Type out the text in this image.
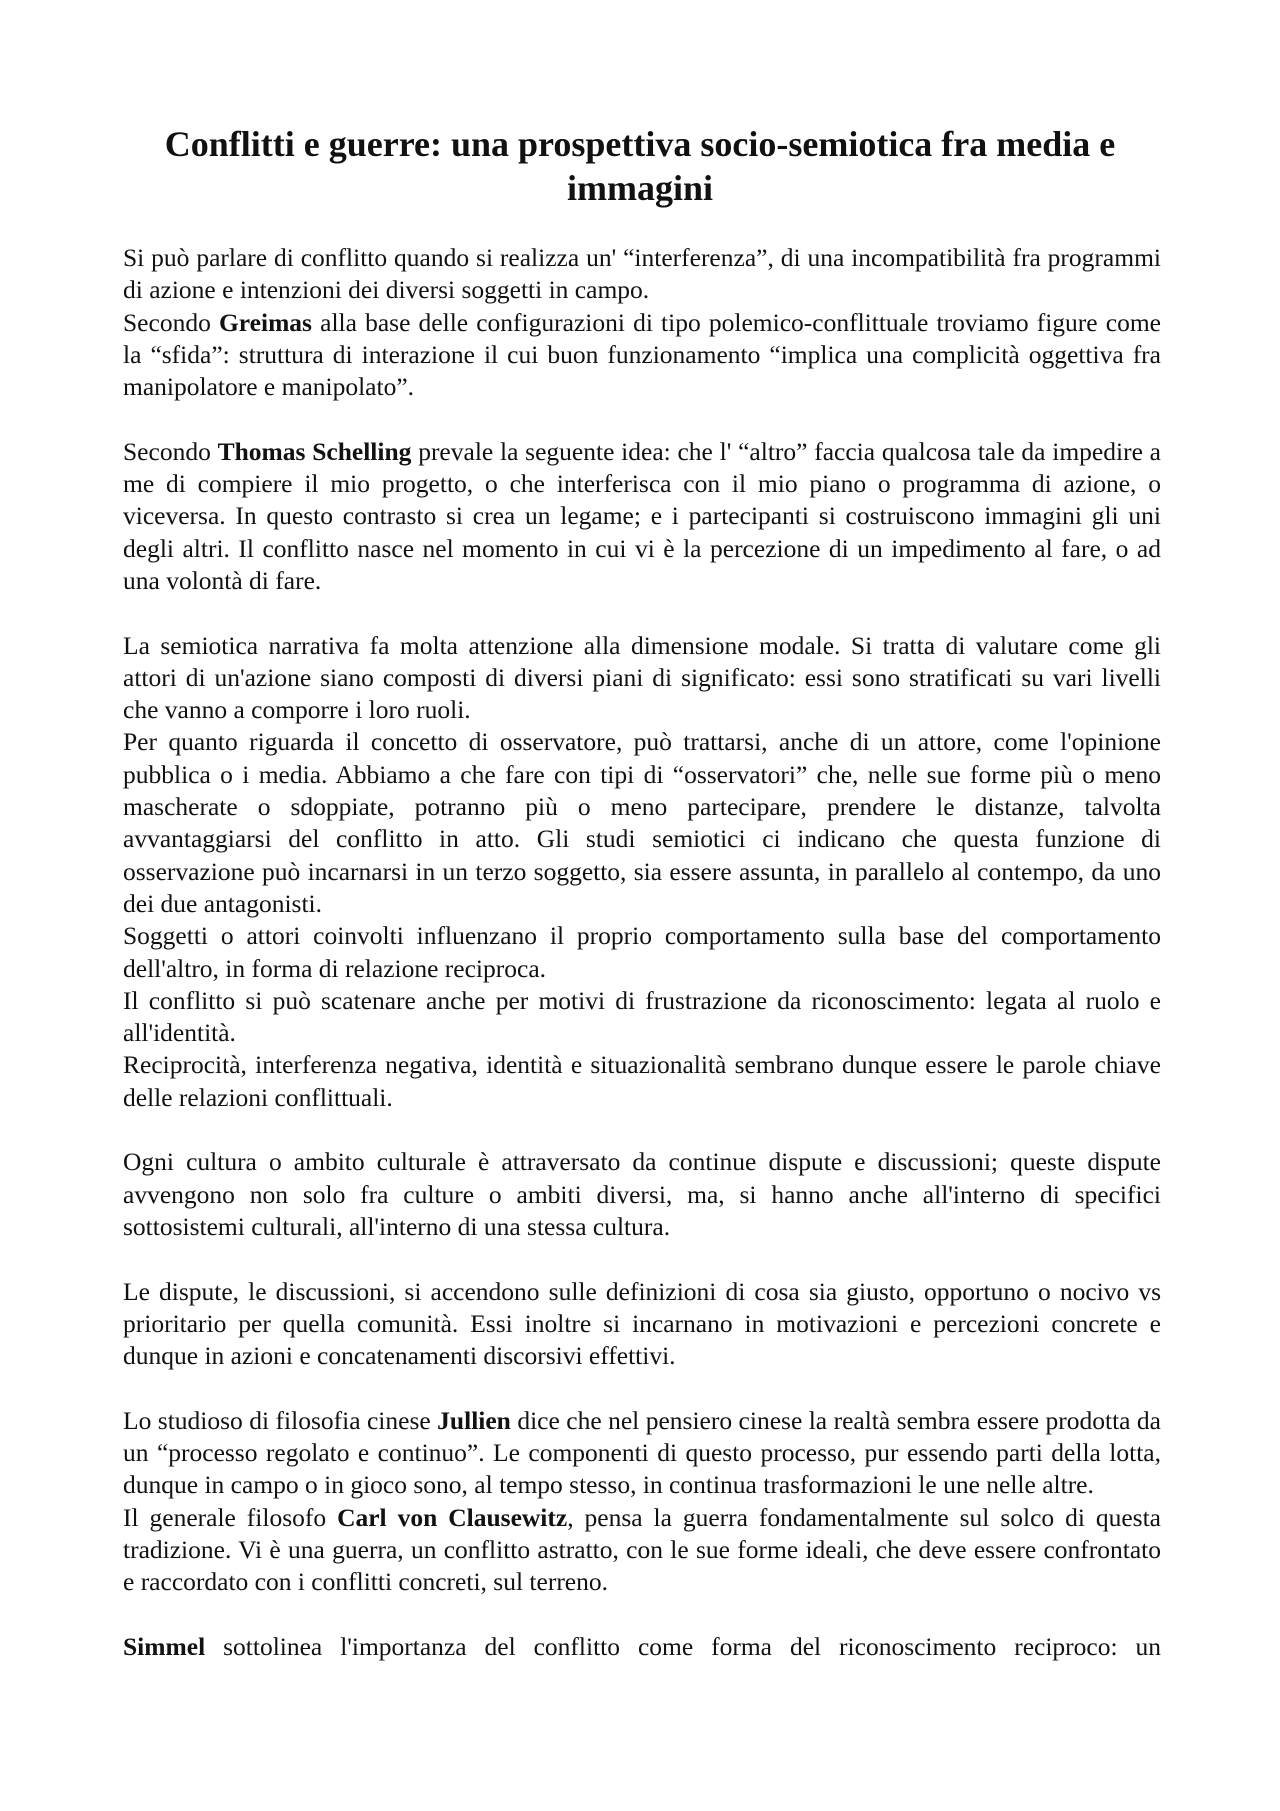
Conflitti e guerre: una prospettiva socio-semiotica fra media e immagini

Si può parlare di conflitto quando si realizza un' “interferenza”, di una incompatibilità fra programmi di azione e intenzioni dei diversi soggetti in campo.

Secondo Greimas alla base delle configurazioni di tipo polemico-conflittuale troviamo figure come la “sfida”: struttura di interazione il cui buon funzionamento “implica una complicità oggettiva fra manipolatore e manipolato”.

Secondo Thomas Schelling prevale la seguente idea: che l' “altro” faccia qualcosa tale da impedire a me di compiere il mio progetto, o che interferisca con il mio piano o programma di azione, o viceversa. In questo contrasto si crea un legame; e i partecipanti si costruiscono immagini gli uni degli altri. Il conflitto nasce nel momento in cui vi è la percezione di un impedimento al fare, o ad una volontà di fare.

La semiotica narrativa fa molta attenzione alla dimensione modale. Si tratta di valutare come gli attori di un'azione siano composti di diversi piani di significato: essi sono stratificati su vari livelli che vanno a comporre i loro ruoli.

Per quanto riguarda il concetto di osservatore, può trattarsi, anche di un attore, come l'opinione pubblica o i media. Abbiamo a che fare con tipi di “osservatori” che, nelle sue forme più o meno mascherate o sdoppiate, potranno più o meno partecipare, prendere le distanze, talvolta avvantaggiarsi del conflitto in atto. Gli studi semiotici ci indicano che questa funzione di osservazione può incarnarsi in un terzo soggetto, sia essere assunta, in parallelo al contempo, da uno dei due antagonisti.

Soggetti o attori coinvolti influenzano il proprio comportamento sulla base del comportamento dell'altro, in forma di relazione reciproca.

Il conflitto si può scatenare anche per motivi di frustrazione da riconoscimento: legata al ruolo e all'identità.

Reciprocità, interferenza negativa, identità e situazionalità sembrano dunque essere le parole chiave delle relazioni conflittuali.

Ogni cultura o ambito culturale è attraversato da continue dispute e discussioni; queste dispute avvengono non solo fra culture o ambiti diversi, ma, si hanno anche all'interno di specifici sottosistemi culturali, all'interno di una stessa cultura.

Le dispute, le discussioni, si accendono sulle definizioni di cosa sia giusto, opportuno o nocivo vs prioritario per quella comunità. Essi inoltre si incarnano in motivazioni e percezioni concrete e dunque in azioni e concatenamenti discorsivi effettivi.

Lo studioso di filosofia cinese Jullien dice che nel pensiero cinese la realtà sembra essere prodotta da un “processo regolato e continuo”. Le componenti di questo processo, pur essendo parti della lotta, dunque in campo o in gioco sono, al tempo stesso, in continua trasformazioni le une nelle altre.

Il generale filosofo Carl von Clausewitz, pensa la guerra fondamentalmente sul solco di questa tradizione. Vi è una guerra, un conflitto astratto, con le sue forme ideali, che deve essere confrontato e raccordato con i conflitti concreti, sul terreno.

Simmel sottolinea l'importanza del conflitto come forma del riconoscimento reciproco: un
